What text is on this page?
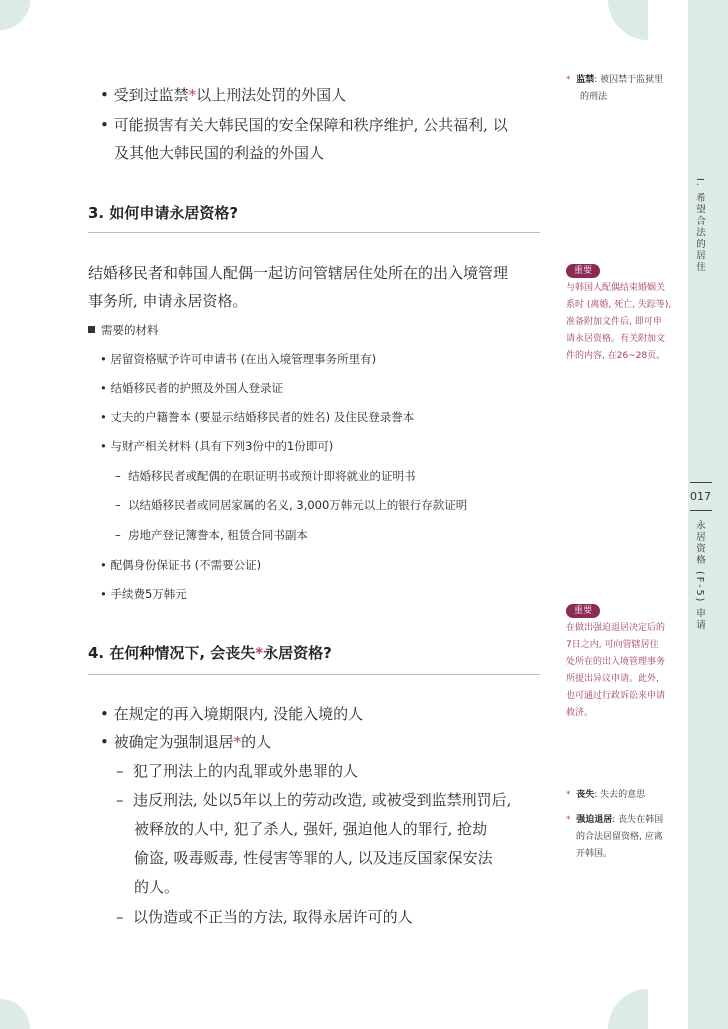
• 受到过监禁*以上刑法处罚的外国人
• 可能损害有关大韩民国的安全保障和秩序维护, 公共福利, 以
及其他大韩民国的利益的外国人
3. 如何申请永居资格?
结婚移民者和韩国人配偶一起访问管辖居住处所在的出入境管理
事务所, 申请永居资格。
需要的材料
• 居留资格赋予许可申请书 (在出入境管理事务所里有)
• 结婚移民者的护照及外国人登录证
• 丈夫的户籍誊本 (要显示结婚移民者的姓名) 及住民登录誊本
• 与财产相关材料 (具有下列3份中的1份即可)
–  结婚移民者或配偶的在职证明书或预计即将就业的证明书
–  以结婚移民者或同居家属的名义, 3,000万韩元以上的银行存款证明
–  房地产登记簿誊本, 租赁合同书副本
• 配偶身份保证书 (不需要公证)
• 手续费5万韩元
4. 在何种情况下, 会丧失*永居资格?
• 在规定的再入境期限内, 没能入境的人
• 被确定为强制退居*的人
–  犯了刑法上的内乱罪或外患罪的人
–  违反刑法, 处以5年以上的劳动改造, 或被受到监禁刑罚后,
被释放的人中, 犯了杀人, 强奸, 强迫他人的罪行, 抢劫
偷盗, 吸毒贩毒, 性侵害等罪的人, 以及违反国家保安法
的人。
–  以伪造或不正当的方法, 取得永居许可的人
* 监禁: 被囚禁于监狱里
的刑法
重要
与韩国人配偶结束婚姻关
系时 (离婚, 死亡, 失踪等),
准备附加文件后, 即可申
请永居资格。有关附加文
件的内容, 在26~28页。
重要
在做出强迫退居决定后的
7日之内, 可向管辖居住
处所在的出入境管理事务
所提出异议申请。此外,
也可通过行政诉讼来申请
救济。
* 丧失: 失去的意思
* 强迫退居: 丧失在韩国
的合法居留资格, 应离
开韩国。
I. 希望合法的居住
017
永居资格 (F-5) 申请
